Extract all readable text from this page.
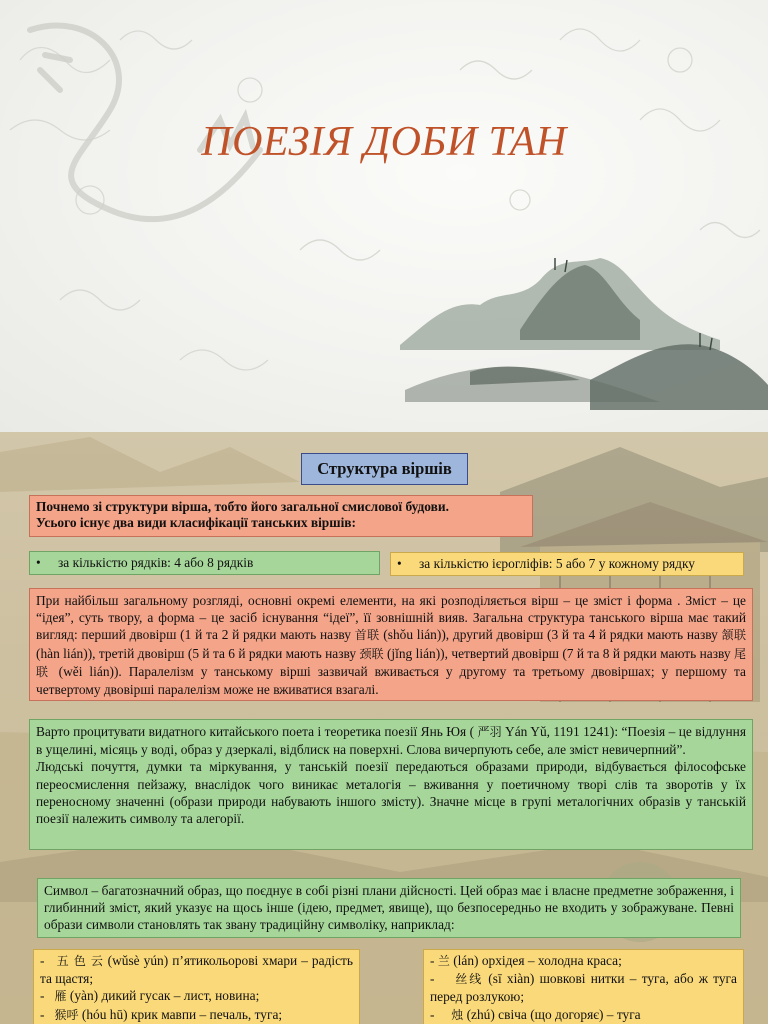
ПОЕЗІЯ ДОБИ ТАН
Структура віршів
Почнемо зі структури вірша, тобто його загальної смислової будови.
Усього існує два види класифікації танських віршів:
• за кількістю рядків: 4 або 8 рядків	• за кількістю ієрогліфів: 5 або 7 у кожному рядку
При найбільш загальному розгляді, основні окремі елементи, на які розподіляється вірш – це зміст і форма . Зміст – це “ідея”, суть твору, а форма – це засіб існування “ідеї”, її зовнішній вияв. Загальна структура танського вірша має такий вигляд: перший двовірш (1 й та 2 й рядки мають назву 首联 (shǒu lián)), другий двовірш (3 й та 4 й рядки мають назву 颔联 (hàn lián)), третій двовірш (5 й та 6 й рядки мають назву 颈联 (jǐng lián)), четвертий двовірш (7 й та 8 й рядки мають назву 尾联 (wěi lián)). Паралелізм у танському вірші зазвичай вживається у другому та третьому двовіршах; у першому та четвертому двовірші паралелізм може не вживатися взагалі.
Варто процитувати видатного китайського поета і теоретика поезії Янь Юя ( 严羽 Yán Yǔ, 1191 1241): “Поезія – це відлуння в ущелині, місяць у воді, образ у дзеркалі, відблиск на поверхні. Слова вичерпують себе, але зміст невичерпний”.
Людські почуття, думки та міркування, у танській поезії передаються образами природи, відбувається філософське переосмислення пейзажу, внаслідок чого виникає металогія – вживання у поетичному творі слів та зворотів у їх переносному значенні (образи природи набувають іншого змісту). Значне місце в групі металогічних образів у танській поезії належить символу та алегорії.
Символ – багатозначний образ, що поєднує в собі різні плани дійсності. Цей образ має і власне предметне зображення, і глибинний зміст, який указує на щось інше (ідею, предмет, явище), що безпосередньо не входить у зображуване. Певні образи символи становлять так звану традиційну символіку, наприклад:
- 五 色 云 (wǔsè yún) п’ятикольорові хмари – радість та щастя;
- 雁 (yàn) дикий гусак – лист, новина;
- 猴呼 (hóu hū) крик мавпи – печаль, туга;
- 兰 (lán) орхідея – холодна краса;
- 丝线 (sī xiàn) шовкові нитки – туга, або ж туга перед розлукою;
- 烛 (zhú) свіча (що догоряє) – туга
